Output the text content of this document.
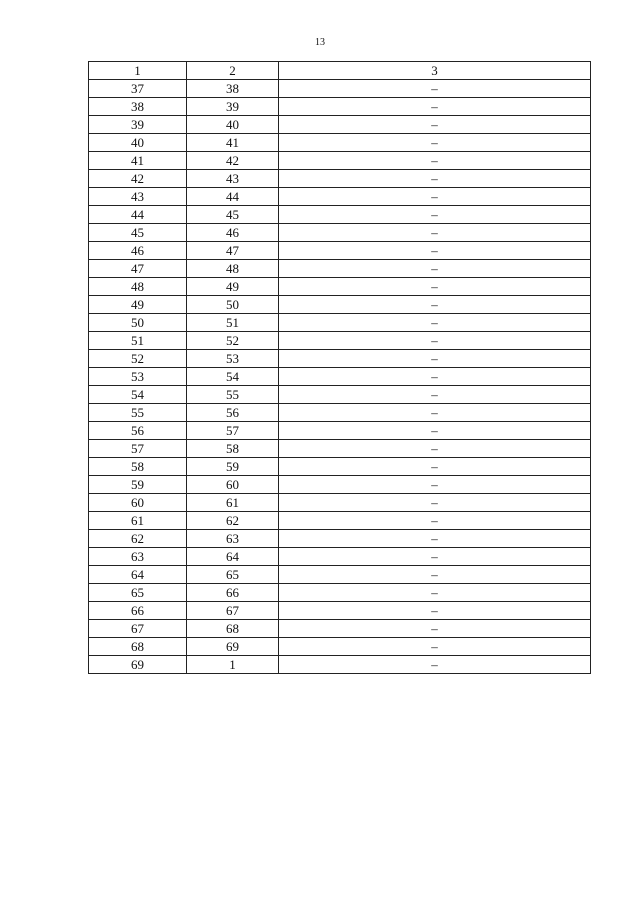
13
1	2	3
37	38	–
38	39	–
39	40	–
40	41	–
41	42	–
42	43	–
43	44	–
44	45	–
45	46	–
46	47	–
47	48	–
48	49	–
49	50	–
50	51	–
51	52	–
52	53	–
53	54	–
54	55	–
55	56	–
56	57	–
57	58	–
58	59	–
59	60	–
60	61	–
61	62	–
62	63	–
63	64	–
64	65	–
65	66	–
66	67	–
67	68	–
68	69	–
69	1	–
